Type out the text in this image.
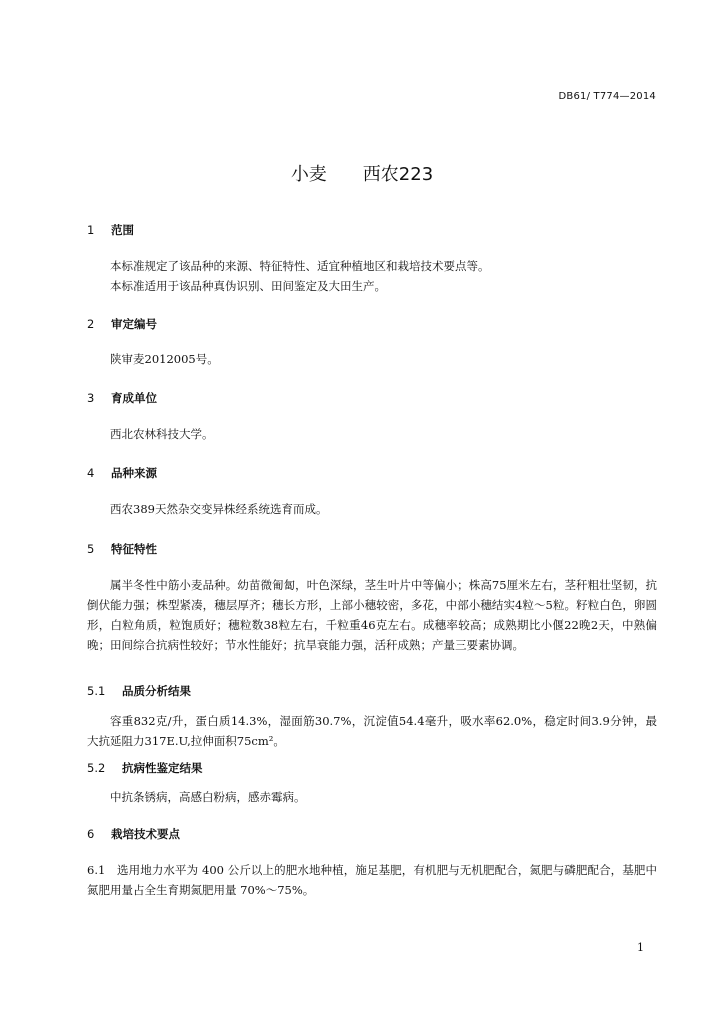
DB61/ T774—2014
小麦　　西农223
1 范围
本标准规定了该品种的来源、特征特性、适宜种植地区和栽培技术要点等。
本标准适用于该品种真伪识别、田间鉴定及大田生产。
2 审定编号
陕审麦2012005号。
3 育成单位
西北农林科技大学。
4 品种来源
西农389天然杂交变异株经系统选育而成。
5 特征特性
属半冬性中筋小麦品种。幼苗微匍匐，叶色深绿，茎生叶片中等偏小；株高75厘米左右，茎秆粗壮坚韧，抗倒伏能力强；株型紧凑，穗层厚齐；穗长方形，上部小穗较密，多花，中部小穗结实4粒～5粒。籽粒白色，卵圆形，白粒角质，粒饱质好；穗粒数38粒左右，千粒重46克左右。成穗率较高；成熟期比小偃22晚2天，中熟偏晚；田间综合抗病性较好；节水性能好；抗旱衰能力强，活秆成熟；产量三要素协调。
5.1 品质分析结果
容重832克/升，蛋白质14.3%，湿面筋30.7%，沉淀值54.4毫升，吸水率62.0%，稳定时间3.9分钟，最大抗延阻力317E.U,拉伸面积75cm²。
5.2 抗病性鉴定结果
中抗条锈病，高感白粉病，感赤霉病。
6 栽培技术要点
6.1　选用地力水平为 400 公斤以上的肥水地种植，施足基肥，有机肥与无机肥配合，氮肥与磷肥配合，基肥中氮肥用量占全生育期氮肥用量 70%～75%。
1
